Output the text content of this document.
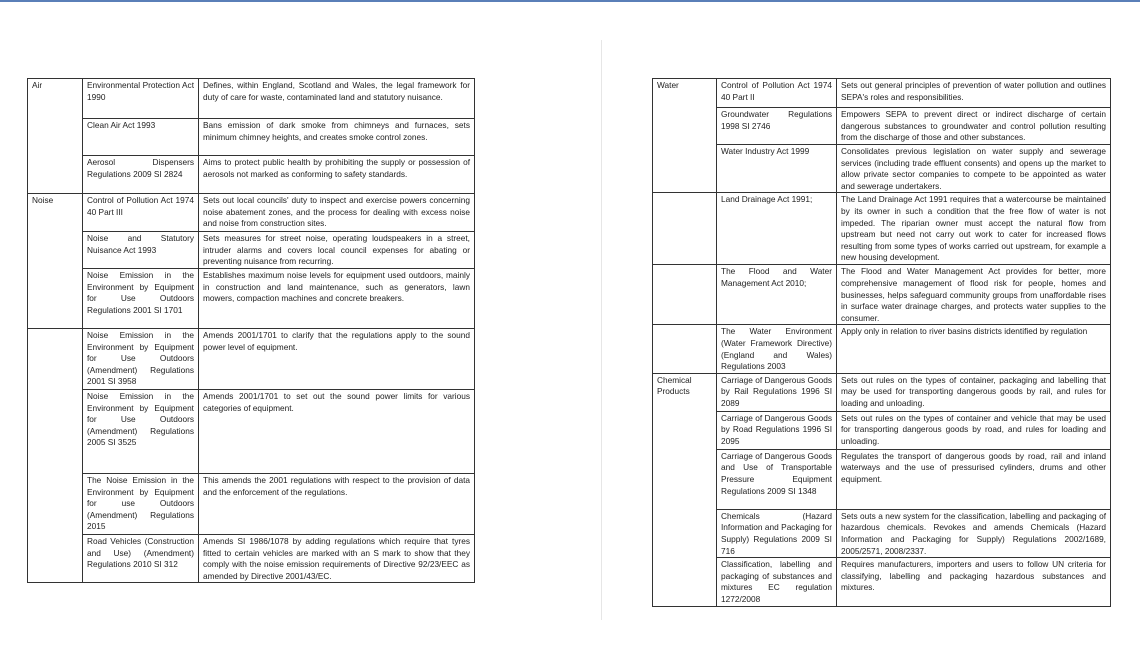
Air	Environmental Protection Act 1990	Defines, within England, Scotland and Wales, the legal framework for duty of care for waste, contaminated land and statutory nuisance.
	Clean Air Act 1993	Bans emission of dark smoke from chimneys and furnaces, sets minimum chimney heights, and creates smoke control zones.
	Aerosol Dispensers Regulations 2009 SI 2824	Aims to protect public health by prohibiting the supply or possession of aerosols not marked as conforming to safety standards.
Noise	Control of Pollution Act 1974 40 Part III	Sets out local councils' duty to inspect and exercise powers concerning noise abatement zones, and the process for dealing with excess noise and noise from construction sites.
	Noise and Statutory Nuisance Act 1993	Sets measures for street noise, operating loudspeakers in a street, intruder alarms and covers local council expenses for abating or preventing nuisance from recurring.
	Noise Emission in the Environment by Equipment for Use Outdoors Regulations 2001 SI 1701	Establishes maximum noise levels for equipment used outdoors, mainly in construction and land maintenance, such as generators, lawn mowers, compaction machines and concrete breakers.
	Noise Emission in the Environment by Equipment for Use Outdoors (Amendment) Regulations 2001 SI 3958	Amends 2001/1701 to clarify that the regulations apply to the sound power level of equipment.
	Noise Emission in the Environment by Equipment for Use Outdoors (Amendment) Regulations 2005 SI 3525	Amends 2001/1701 to set out the sound power limits for various categories of equipment.
	The Noise Emission in the Environment by Equipment for use Outdoors (Amendment) Regulations 2015	This amends the 2001 regulations with respect to the provision of data and the enforcement of the regulations.
	Road Vehicles (Construction and Use) (Amendment) Regulations 2010 SI 312	Amends SI 1986/1078 by adding regulations which require that tyres fitted to certain vehicles are marked with an S mark to show that they comply with the noise emission requirements of Directive 92/23/EEC as amended by Directive 2001/43/EC.
Water	Control of Pollution Act 1974 40 Part II	Sets out general principles of prevention of water pollution and outlines SEPA's roles and responsibilities.
	Groundwater Regulations 1998 SI 2746	Empowers SEPA to prevent direct or indirect discharge of certain dangerous substances to groundwater and control pollution resulting from the discharge of those and other substances.
	Water Industry Act 1999	Consolidates previous legislation on water supply and sewerage services (including trade effluent consents) and opens up the market to allow private sector companies to compete to be appointed as water and sewerage undertakers.
	Land Drainage Act 1991;	The Land Drainage Act 1991 requires that a watercourse be maintained by its owner in such a condition that the free flow of water is not impeded. The riparian owner must accept the natural flow from upstream but need not carry out work to cater for increased flows resulting from some types of works carried out upstream, for example a new housing development.
	The Flood and Water Management Act 2010;	The Flood and Water Management Act provides for better, more comprehensive management of flood risk for people, homes and businesses, helps safeguard community groups from unaffordable rises in surface water drainage charges, and protects water supplies to the consumer.
	The Water Environment (Water Framework Directive) (England and Wales) Regulations 2003	Apply only in relation to river basins districts identified by regulation
Chemical Products	Carriage of Dangerous Goods by Rail Regulations 1996 SI 2089	Sets out rules on the types of container, packaging and labelling that may be used for transporting dangerous goods by rail, and rules for loading and unloading.
	Carriage of Dangerous Goods by Road Regulations 1996 SI 2095	Sets out rules on the types of container and vehicle that may be used for transporting dangerous goods by road, and rules for loading and unloading.
	Carriage of Dangerous Goods and Use of Transportable Pressure Equipment Regulations 2009 SI 1348	Regulates the transport of dangerous goods by road, rail and inland waterways and the use of pressurised cylinders, drums and other equipment.
	Chemicals (Hazard Information and Packaging for Supply) Regulations 2009 SI 716	Sets outs a new system for the classification, labelling and packaging of hazardous chemicals. Revokes and amends Chemicals (Hazard Information and Packaging for Supply) Regulations 2002/1689, 2005/2571, 2008/2337.
	Classification, labelling and packaging of substances and mixtures EC regulation 1272/2008	Requires manufacturers, importers and users to follow UN criteria for classifying, labelling and packaging hazardous substances and mixtures.
